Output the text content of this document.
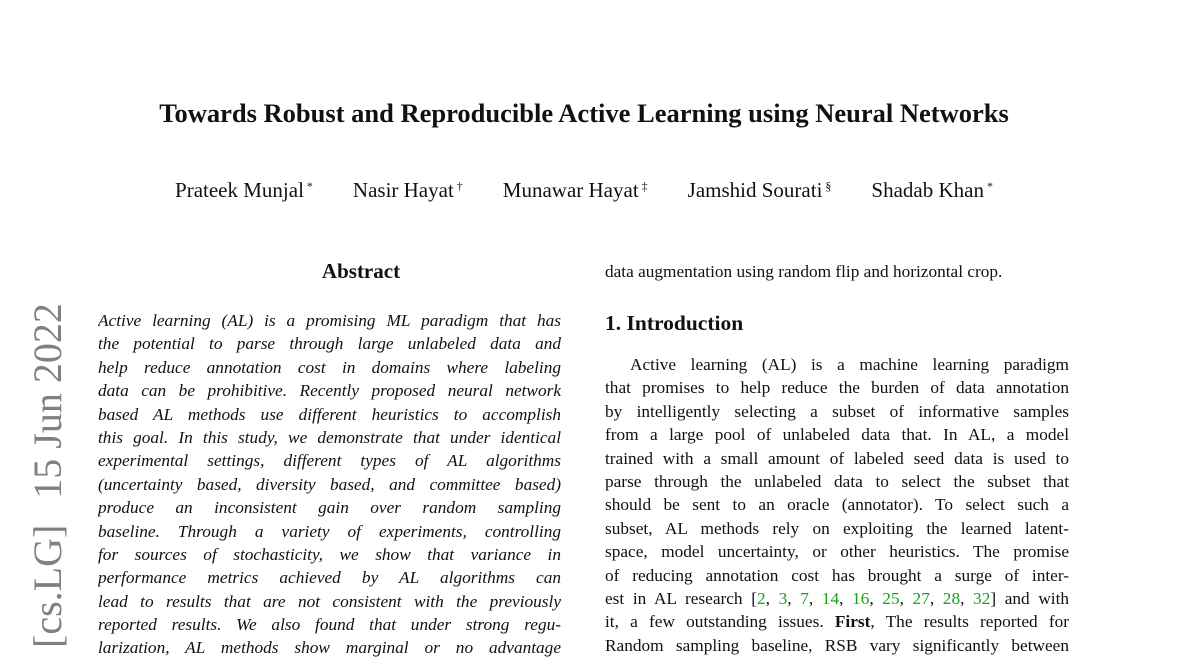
Towards Robust and Reproducible Active Learning using Neural Networks
Prateek Munjal * Nasir Hayat † Munawar Hayat ‡ Jamshid Sourati § Shadab Khan *
[cs.LG]15 Jun 2022
Abstract
Active learning (AL) is a promising ML paradigm that has
the potential to parse through large unlabeled data and
help reduce annotation cost in domains where labeling
data can be prohibitive. Recently proposed neural network
based AL methods use different heuristics to accomplish
this goal. In this study, we demonstrate that under identical
experimental settings, different types of AL algorithms
(uncertainty based, diversity based, and committee based)
produce an inconsistent gain over random sampling
baseline. Through a variety of experiments, controlling
for sources of stochasticity, we show that variance in
performance metrics achieved by AL algorithms can
lead to results that are not consistent with the previously
reported results. We also found that under strong regu-
larization, AL methods show marginal or no advantage
data augmentation using random flip and horizontal crop.
1. Introduction
Active learning (AL) is a machine learning paradigm
that promises to help reduce the burden of data annotation
by intelligently selecting a subset of informative samples
from a large pool of unlabeled data that. In AL, a model
trained with a small amount of labeled seed data is used to
parse through the unlabeled data to select the subset that
should be sent to an oracle (annotator). To select such a
subset, AL methods rely on exploiting the learned latent-
space, model uncertainty, or other heuristics. The promise
of reducing annotation cost has brought a surge of inter-
est in AL research [2, 3, 7, 14, 16, 25, 27, 28, 32] and with
it, a few outstanding issues. First, The results reported for
Random sampling baseline, RSB vary significantly between
